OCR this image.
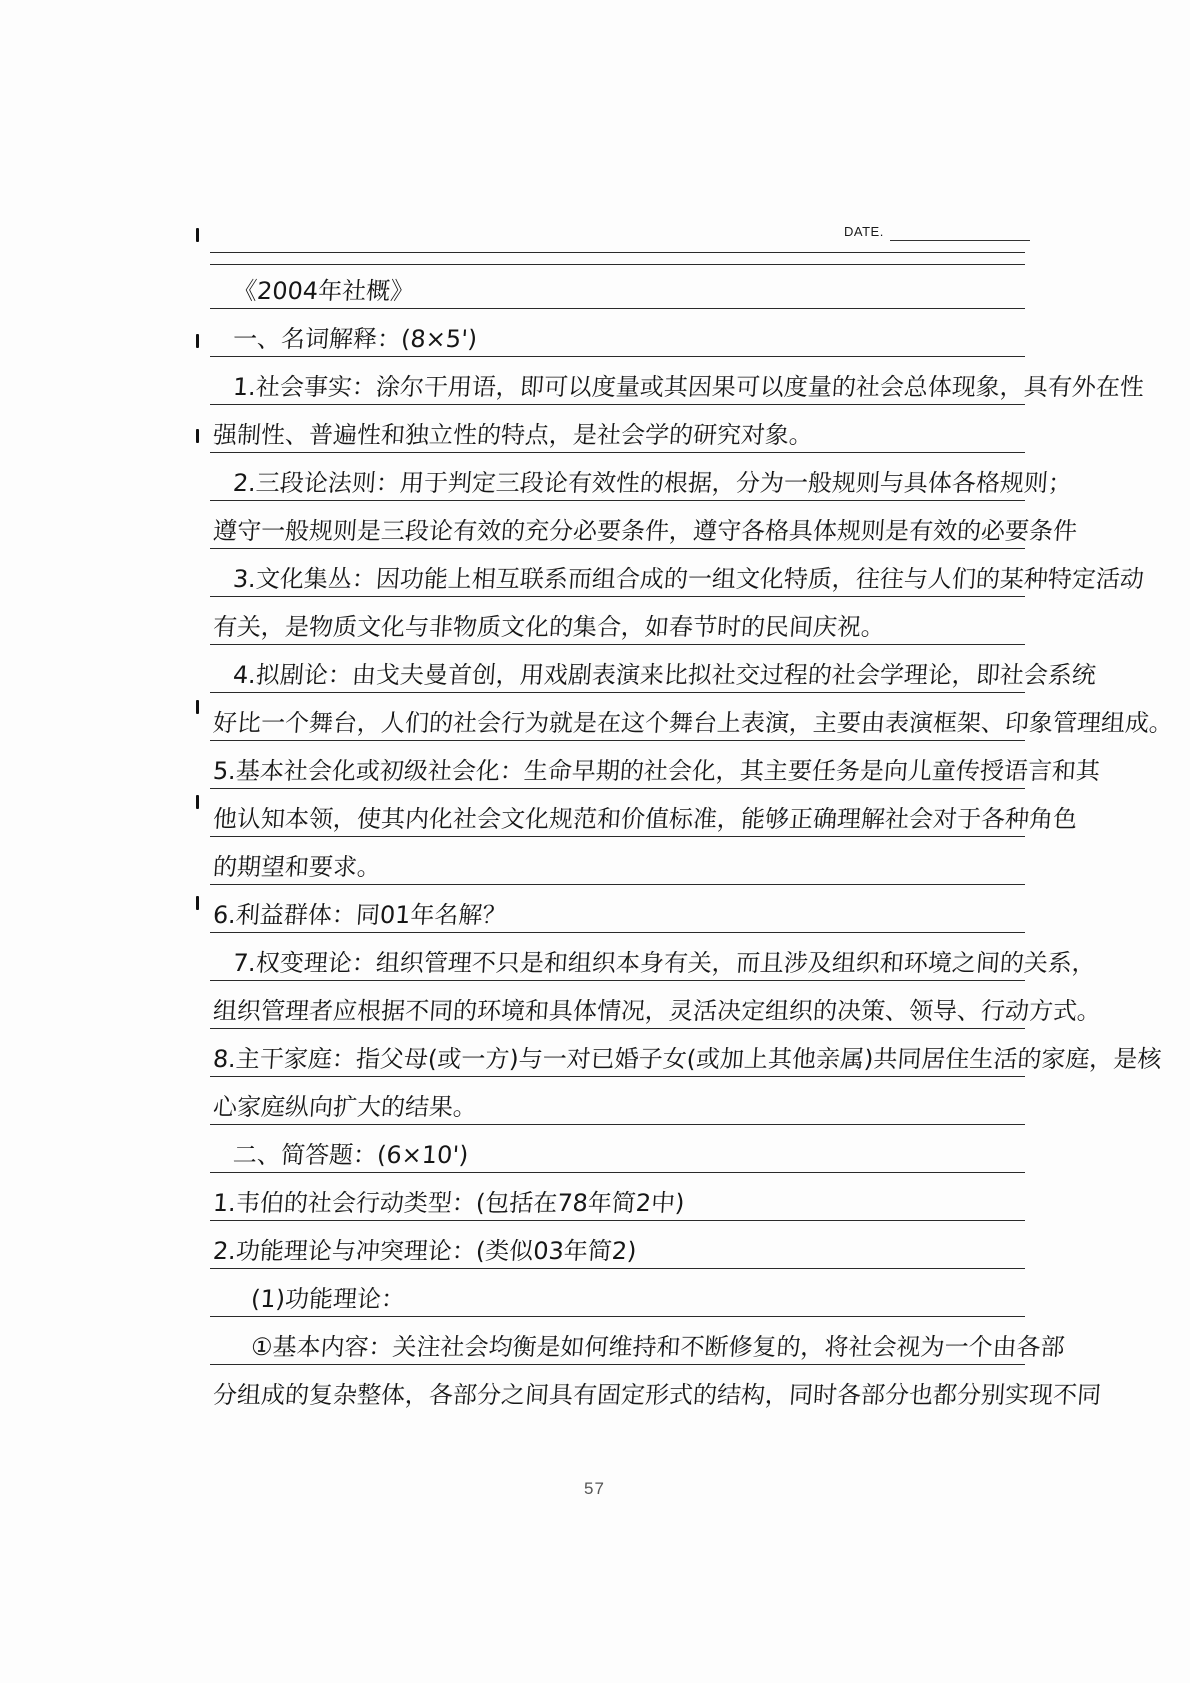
DATE.
《2004年社概》
一、名词解释：(8×5')
1.社会事实：涂尔干用语，即可以度量或其因果可以度量的社会总体现象，具有外在性
强制性、普遍性和独立性的特点，是社会学的研究对象。
2.三段论法则：用于判定三段论有效性的根据，分为一般规则与具体各格规则；
遵守一般规则是三段论有效的充分必要条件，遵守各格具体规则是有效的必要条件
3.文化集丛：因功能上相互联系而组合成的一组文化特质，往往与人们的某种特定活动
有关，是物质文化与非物质文化的集合，如春节时的民间庆祝。
4.拟剧论：由戈夫曼首创，用戏剧表演来比拟社交过程的社会学理论，即社会系统
好比一个舞台，人们的社会行为就是在这个舞台上表演，主要由表演框架、印象管理组成。
5.基本社会化或初级社会化：生命早期的社会化，其主要任务是向儿童传授语言和其
他认知本领，使其内化社会文化规范和价值标准，能够正确理解社会对于各种角色
的期望和要求。
6.利益群体：同01年名解？
7.权变理论：组织管理不只是和组织本身有关，而且涉及组织和环境之间的关系，
组织管理者应根据不同的环境和具体情况，灵活决定组织的决策、领导、行动方式。
8.主干家庭：指父母(或一方)与一对已婚子女(或加上其他亲属)共同居住生活的家庭，是核
心家庭纵向扩大的结果。
二、简答题：(6×10')
1.韦伯的社会行动类型：(包括在78年简2中)
2.功能理论与冲突理论：(类似03年简2)
(1)功能理论：
①基本内容：关注社会均衡是如何维持和不断修复的，将社会视为一个由各部
分组成的复杂整体，各部分之间具有固定形式的结构，同时各部分也都分别实现不同
57
